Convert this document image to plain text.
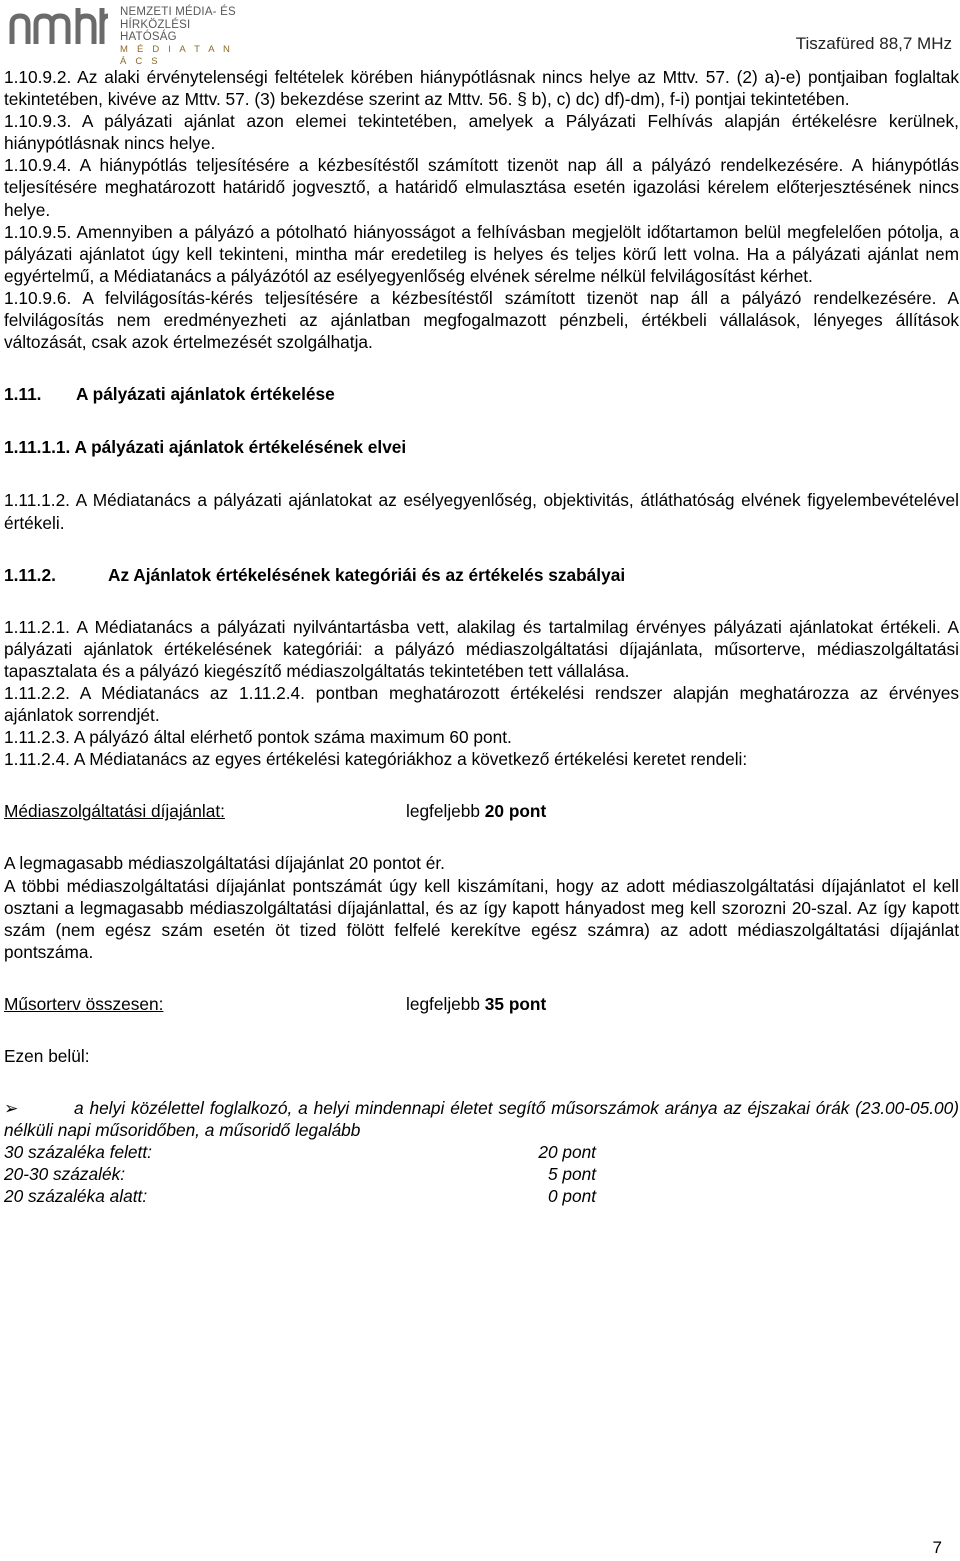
NEMZETI MÉDIA- ÉS
HÍRKÖZLÉSI HATÓSÁG
M É D I A T A N Á C S
Tiszafüred 88,7 MHz
1.10.9.2. Az alaki érvénytelenségi feltételek körében hiánypótlásnak nincs helye az Mttv. 57. (2) a)-e) pontjaiban foglaltak tekintetében, kivéve az Mttv. 57. (3) bekezdése szerint az Mttv. 56. § b), c) dc) df)-dm), f-i) pontjai tekintetében.
1.10.9.3. A pályázati ajánlat azon elemei tekintetében, amelyek a Pályázati Felhívás alapján értékelésre kerülnek, hiánypótlásnak nincs helye.
1.10.9.4. A hiánypótlás teljesítésére a kézbesítéstől számított tizenöt nap áll a pályázó rendelkezésére. A hiánypótlás teljesítésére meghatározott határidő jogvesztő, a határidő elmulasztása esetén igazolási kérelem előterjesztésének nincs helye.
1.10.9.5. Amennyiben a pályázó a pótolható hiányosságot a felhívásban megjelölt időtartamon belül megfelelően pótolja, a pályázati ajánlatot úgy kell tekinteni, mintha már eredetileg is helyes és teljes körű lett volna. Ha a pályázati ajánlat nem egyértelmű, a Médiatanács a pályázótól az esélyegyenlőség elvének sérelme nélkül felvilágosítást kérhet.
1.10.9.6. A felvilágosítás-kérés teljesítésére a kézbesítéstől számított tizenöt nap áll a pályázó rendelkezésére. A felvilágosítás nem eredményezheti az ajánlatban megfogalmazott pénzbeli, értékbeli vállalások, lényeges állítások változását, csak azok értelmezését szolgálhatja.
1.11. A pályázati ajánlatok értékelése
1.11.1.1. A pályázati ajánlatok értékelésének elvei
1.11.1.2. A Médiatanács a pályázati ajánlatokat az esélyegyenlőség, objektivitás, átláthatóság elvének figyelembevételével értékeli.
1.11.2.	Az Ajánlatok értékelésének kategóriái és az értékelés szabályai
1.11.2.1. A Médiatanács a pályázati nyilvántartásba vett, alakilag és tartalmilag érvényes pályázati ajánlatokat értékeli. A pályázati ajánlatok értékelésének kategóriái: a pályázó médiaszolgáltatási díjajánlata, műsorterve, médiaszolgáltatási tapasztalata és a pályázó kiegészítő médiaszolgáltatás tekintetében tett vállalása.
1.11.2.2. A Médiatanács az 1.11.2.4. pontban meghatározott értékelési rendszer alapján meghatározza az érvényes ajánlatok sorrendjét.
1.11.2.3. A pályázó által elérhető pontok száma maximum 60 pont.
1.11.2.4. A Médiatanács az egyes értékelési kategóriákhoz a következő értékelési keretet rendeli:
Médiaszolgáltatási díjajánlat:	legfeljebb 20 pont
A legmagasabb médiaszolgáltatási díjajánlat 20 pontot ér.
A többi médiaszolgáltatási díjajánlat pontszámát úgy kell kiszámítani, hogy az adott médiaszolgáltatási díjajánlatot el kell osztani a legmagasabb médiaszolgáltatási díjajánlattal, és az így kapott hányadost meg kell szorozni 20-szal. Az így kapott szám (nem egész szám esetén öt tized fölött felfelé kerekítve egész számra) az adott médiaszolgáltatási díjajánlat pontszáma.
Műsorterv összesen:	legfeljebb 35 pont
Ezen belül:
➢	a helyi közélettel foglalkozó, a helyi mindennapi életet segítő műsorszámok aránya az éjszakai órák (23.00-05.00) nélküli napi műsoridőben, a műsoridő legalább
30 százaléka felett:	20 pont
20-30 százalék:	5 pont
20 százaléka alatt:	0 pont
7
